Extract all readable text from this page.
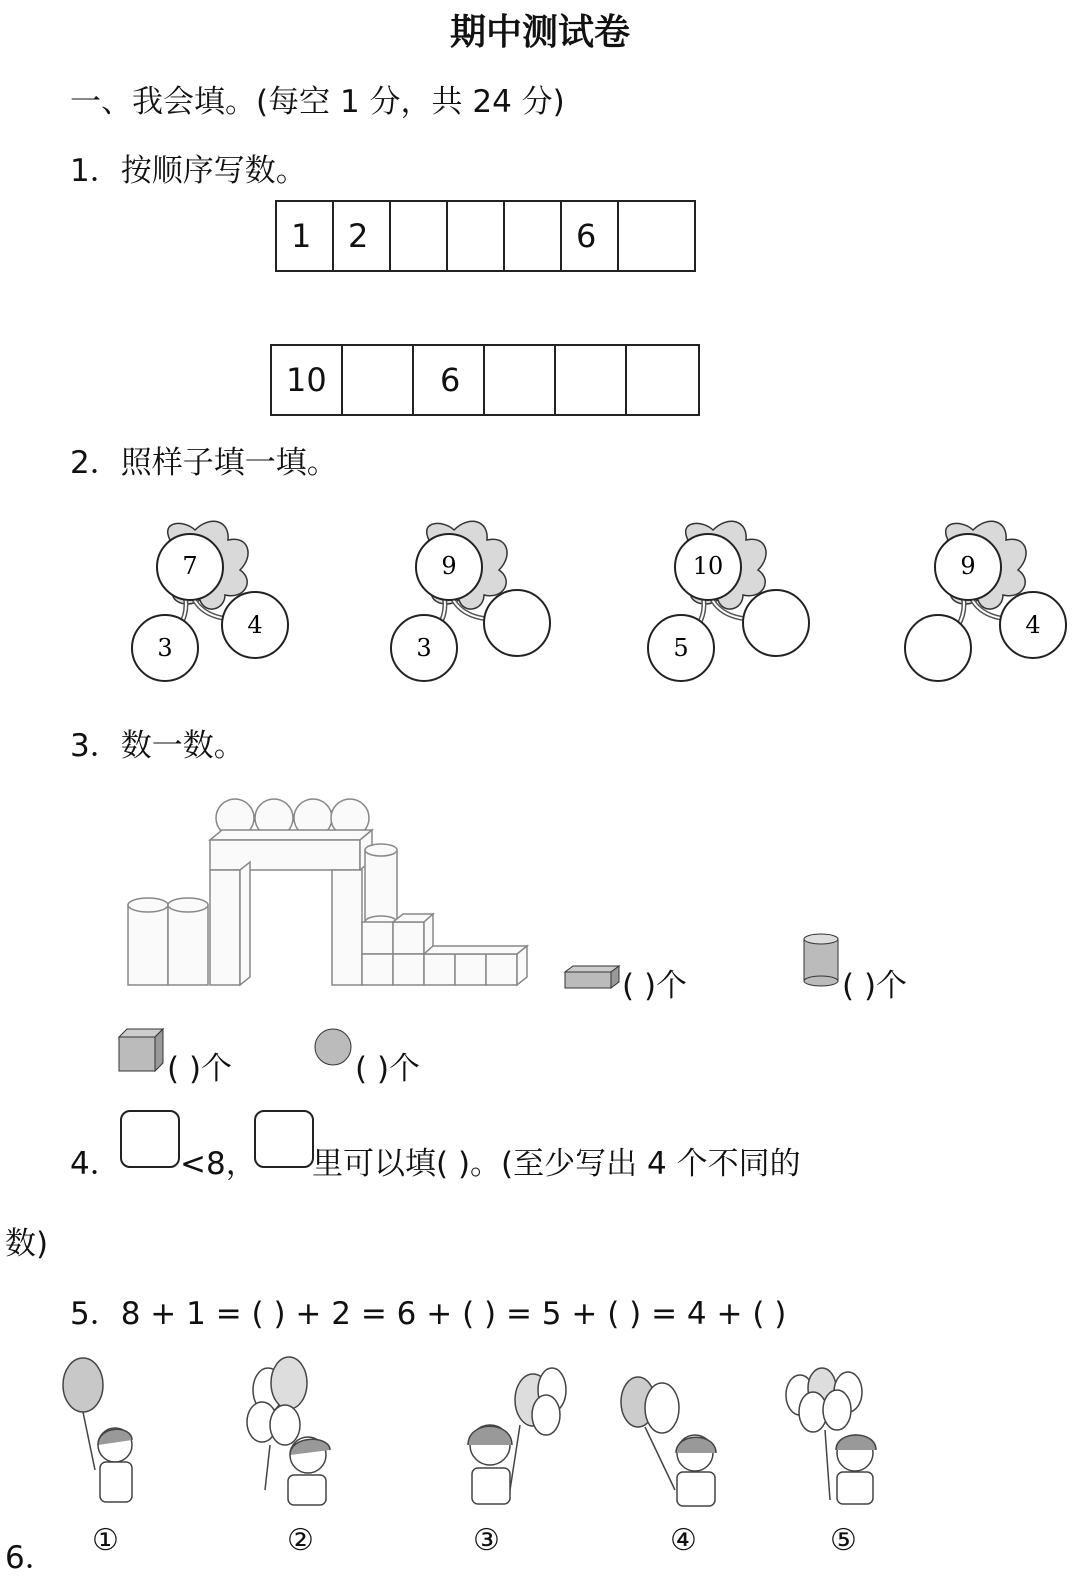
期中测试卷
一、我会填。(每空 1 分，共 24 分)
1．按顺序写数。
1	2	6
10	6
2．照样子填一填。
7
3
4
9
3
10
5
9
4
3．数一数。
( )个	( )个
( )个	( )个
4． <8， 里可以填( )。(至少写出 4 个不同的
数)
5．8 + 1 = ( ) + 2 = 6 + ( ) = 5 + ( ) = 4 + ( )
6． ①	②	③	④	⑤
